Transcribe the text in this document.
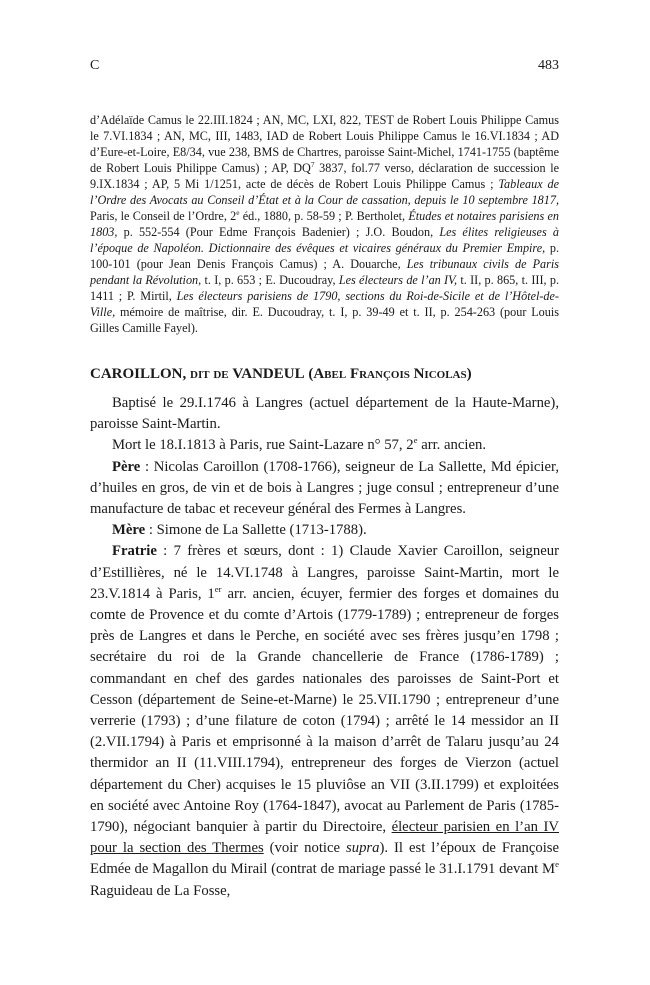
C	483

d’Adélaïde Camus le 22.III.1824 ; AN, MC, LXI, 822, TEST de Robert Louis Philippe Camus le 7.VI.1834 ; AN, MC, III, 1483, IAD de Robert Louis Philippe Camus le 16.VI.1834 ; AD d’Eure-et-Loire, E8/34, vue 238, BMS de Chartres, paroisse Saint-Michel, 1741-1755 (baptême de Robert Louis Philippe Camus) ; AP, $DQ^7$ 3837, fol.77 verso, déclaration de succession le 9.IX.1834 ; AP, 5 Mi 1/1251, acte de décès de Robert Louis Philippe Camus ; Tableaux de l’Ordre des Avocats au Conseil d’État et à la Cour de cassation, depuis le 10 septembre 1817, Paris, le Conseil de l’Ordre, 2e éd., 1880, p. 58-59 ; P. Bertholet, Études et notaires parisiens en 1803, p. 552-554 (Pour Edme François Badenier) ; J.O. Boudon, Les élites religieuses à l’époque de Napoléon. Dictionnaire des évêques et vicaires généraux du Premier Empire, p. 100-101 (pour Jean Denis François Camus) ; A. Douarche, Les tribunaux civils de Paris pendant la Révolution, t. I, p. 653 ; E. Ducoudray, Les électeurs de l’an IV, t. II, p. 865, t. III, p. 1411 ; P. Mirtil, Les électeurs parisiens de 1790, sections du Roi-de-Sicile et de l’Hôtel-de-Ville, mémoire de maîtrise, dir. E. Ducoudray, t. I, p. 39-49 et t. II, p. 254-263 (pour Louis Gilles Camille Fayel).

CAROILLON, dit de VANDEUL (Abel François Nicolas)

Baptisé le 29.I.1746 à Langres (actuel département de la Haute-Marne), paroisse Saint-Martin.

Mort le 18.I.1813 à Paris, rue Saint-Lazare n° 57, 2e arr. ancien.

Père : Nicolas Caroillon (1708-1766), seigneur de La Sallette, Md épicier, d’huiles en gros, de vin et de bois à Langres ; juge consul ; entrepreneur d’une manufacture de tabac et receveur général des Fermes à Langres.

Mère : Simone de La Sallette (1713-1788).

Fratrie : 7 frères et sœurs, dont : 1) Claude Xavier Caroillon, seigneur d’Estillières, né le 14.VI.1748 à Langres, paroisse Saint-Martin, mort le 23.V.1814 à Paris, 1er arr. ancien, écuyer, fermier des forges et domaines du comte de Provence et du comte d’Artois (1779-1789) ; entrepreneur de forges près de Langres et dans le Perche, en société avec ses frères jusqu’en 1798 ; secrétaire du roi de la Grande chancellerie de France (1786-1789) ; commandant en chef des gardes nationales des paroisses de Saint-Port et Cesson (département de Seine-et-Marne) le 25.VII.1790 ; entrepreneur d’une verrerie (1793) ; d’une filature de coton (1794) ; arrêté le 14 messidor an II (2.VII.1794) à Paris et emprisonné à la maison d’arrêt de Talaru jusqu’au 24 thermidor an II (11.VIII.1794), entrepreneur des forges de Vierzon (actuel département du Cher) acquises le 15 pluviôse an VII (3.II.1799) et exploitées en société avec Antoine Roy (1764-1847), avocat au Parlement de Paris (1785-1790), négociant banquier à partir du Directoire, électeur parisien en l’an IV pour la section des Thermes (voir notice supra). Il est l’époux de Françoise Edmée de Magallon du Mirail (contrat de mariage passé le 31.I.1791 devant Me Raguideau de La Fosse,
